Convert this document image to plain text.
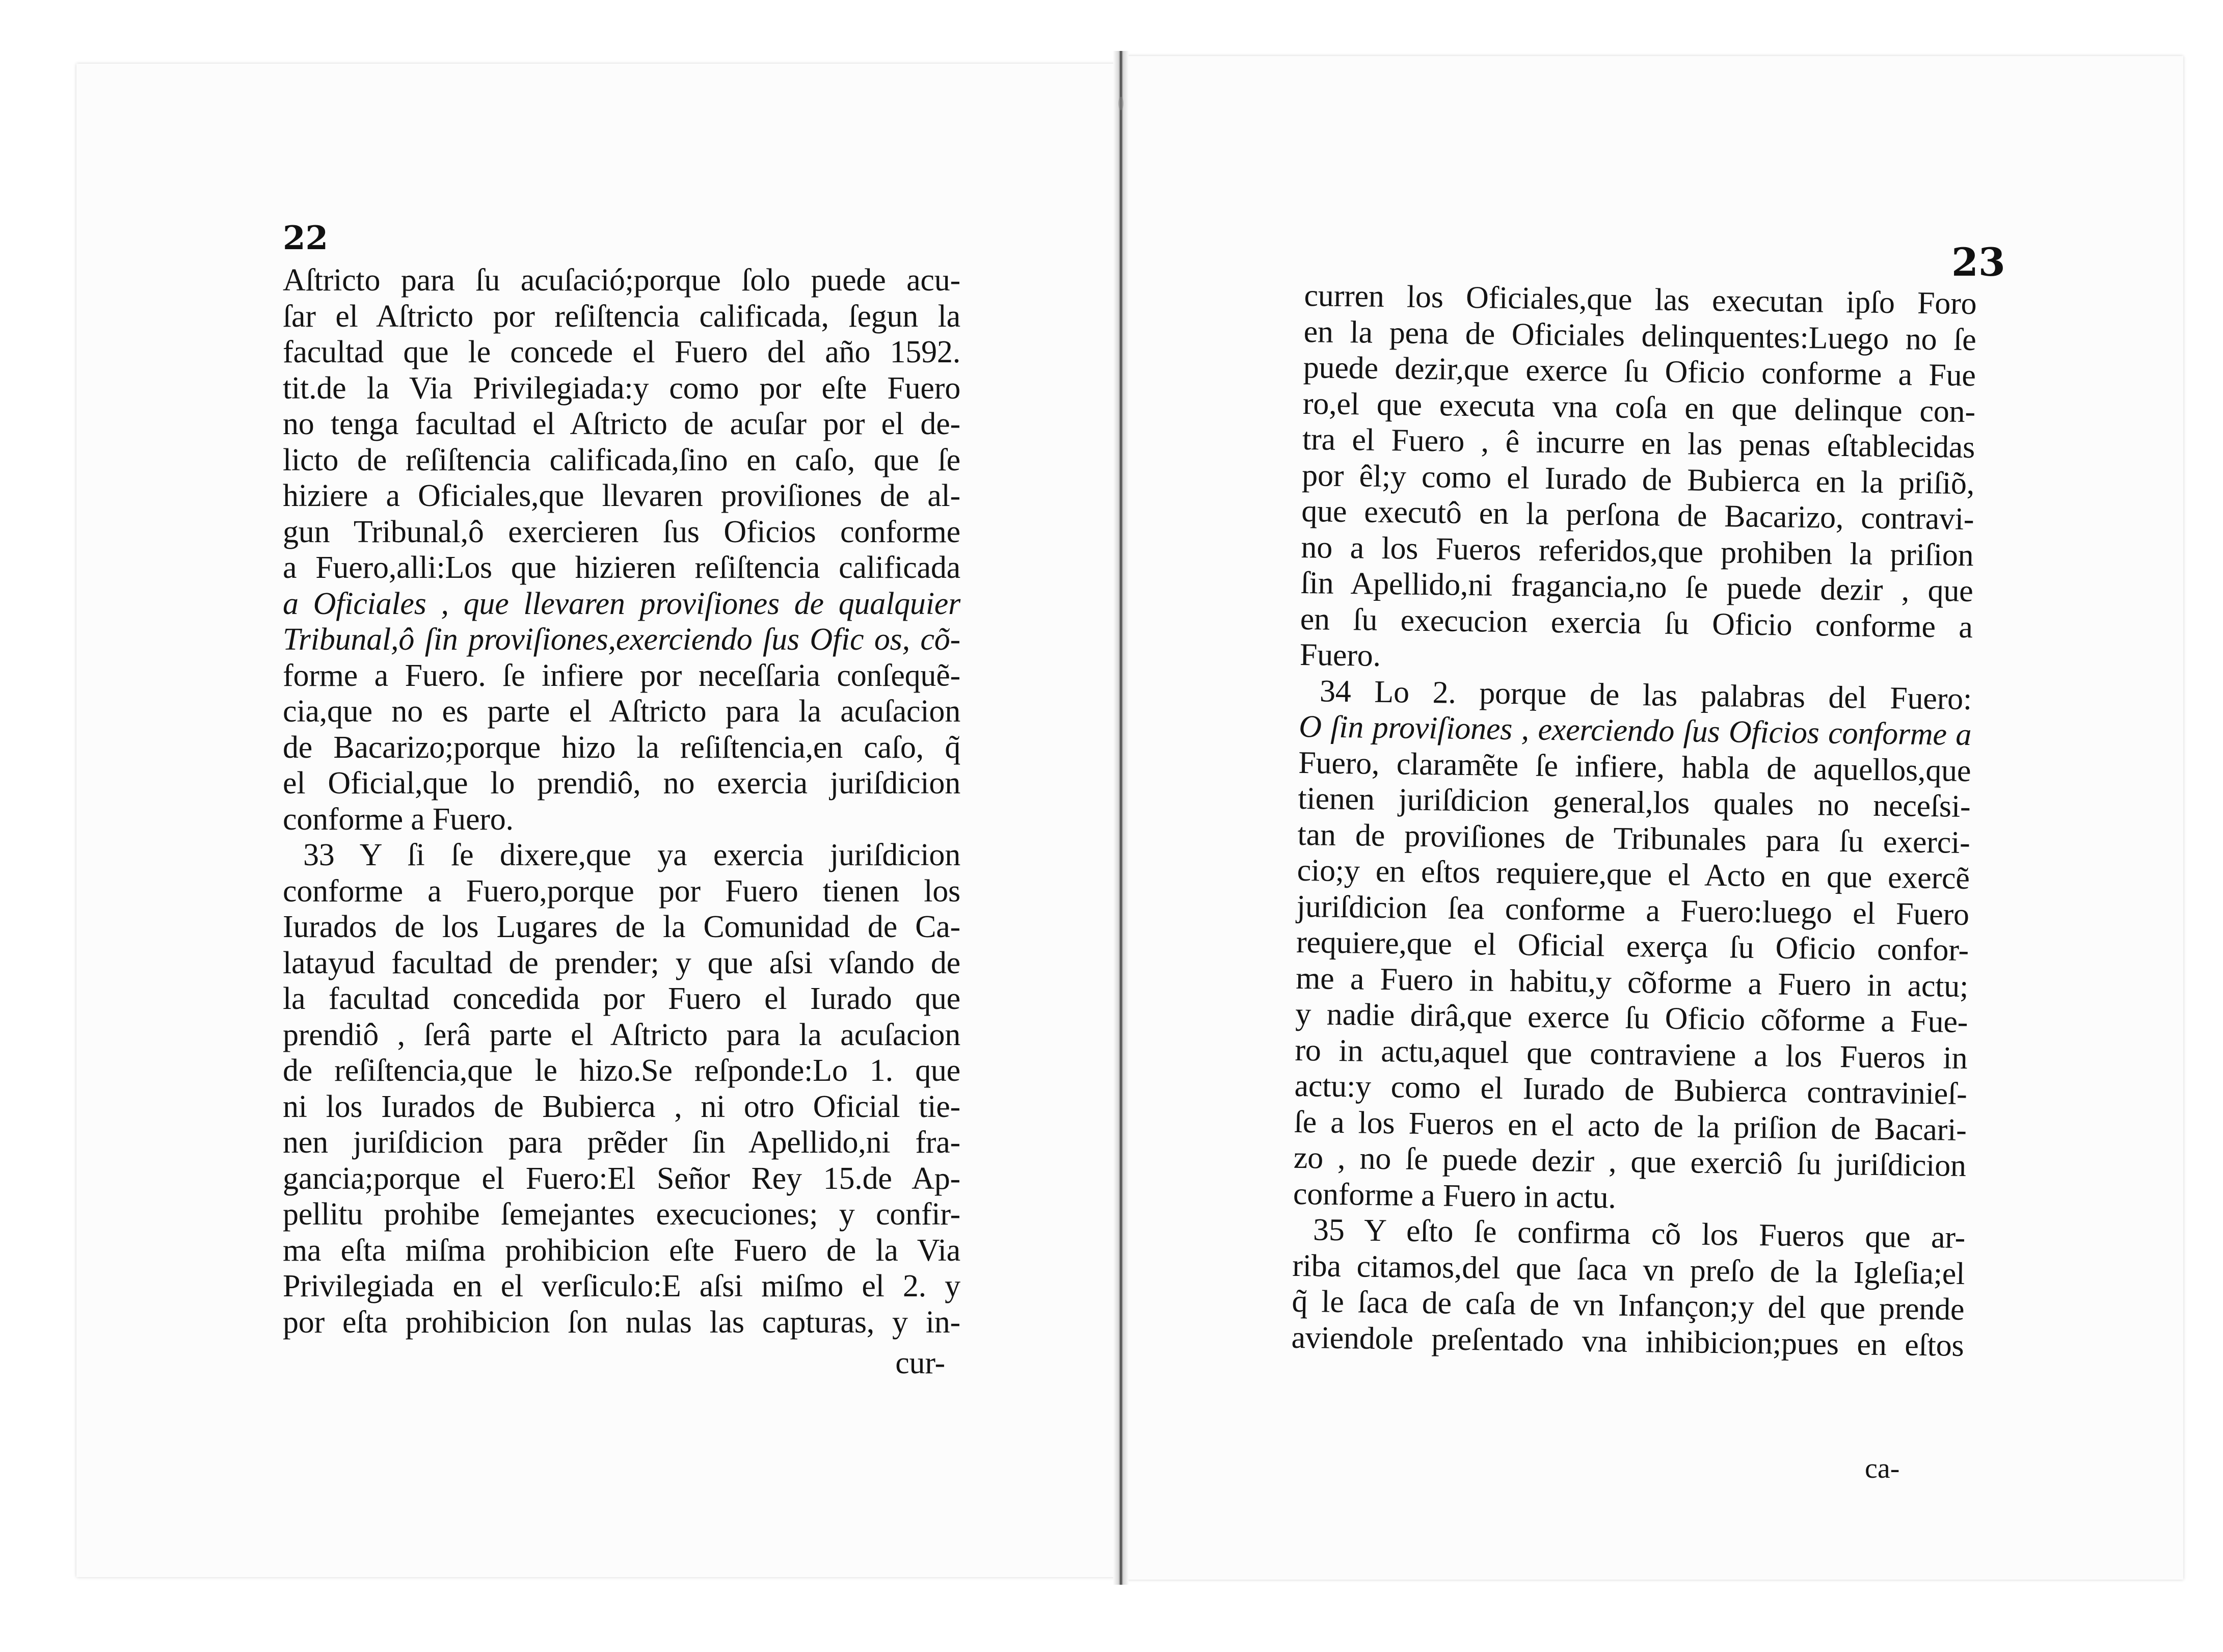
22
23
Aſtricto para ſu acuſació;porque ſolo puede acu-
ſar el Aſtricto por reſiſtencia calificada, ſegun la
facultad que le concede el Fuero del año 1592.
tit.de la Via Privilegiada:y como por eſte Fuero
no tenga facultad el Aſtricto de acuſar por el de-
licto de reſiſtencia calificada,ſino en caſo, que ſe
hiziere a Oficiales,que llevaren proviſiones de al-
gun Tribunal,ô exercieren ſus Oficios conforme
a Fuero,alli:Los que hizieren reſiſtencia calificada
a Oficiales , que llevaren proviſiones de qualquier
Tribunal,ô ſin proviſiones,exerciendo ſus Ofic os, cõ-
forme a Fuero. ſe infiere por neceſſaria conſequẽ-
cia,que no es parte el Aſtricto para la acuſacion
de Bacarizo;porque hizo la reſiſtencia,en caſo, q̃
el Oficial,que lo prendiô, no exercia juriſdicion
conforme a Fuero.
33 Y ſi ſe dixere,que ya exercia juriſdicion
conforme a Fuero,porque por Fuero tienen los
Iurados de los Lugares de la Comunidad de Ca-
latayud facultad de prender; y que aſsi vſando de
la facultad concedida por Fuero el Iurado que
prendiô , ſerâ parte el Aſtricto para la acuſacion
de reſiſtencia,que le hizo.Se reſponde:Lo 1. que
ni los Iurados de Bubierca , ni otro Oficial tie-
nen juriſdicion para prẽder ſin Apellido,ni fra-
gancia;porque el Fuero:El Señor Rey 15.de Ap-
pellitu prohibe ſemejantes execuciones; y confir-
ma eſta miſma prohibicion eſte Fuero de la Via
Privilegiada en el verſiculo:E aſsi miſmo el 2. y
por eſta prohibicion ſon nulas las capturas, y in-
cur-
curren los Oficiales,que las executan ipſo Foro
en la pena de Oficiales delinquentes:Luego no ſe
puede dezir,que exerce ſu Oficio conforme a Fue
ro,el que executa vna coſa en que delinque con-
tra el Fuero , ê incurre en las penas eſtablecidas
por êl;y como el Iurado de Bubierca en la priſiõ,
que executô en la perſona de Bacarizo, contravi-
no a los Fueros referidos,que prohiben la priſion
ſin Apellido,ni fragancia,no ſe puede dezir , que
en ſu execucion exercia ſu Oficio conforme a
Fuero.
34 Lo 2. porque de las palabras del Fuero:
O ſin proviſiones , exerciendo ſus Oficios conforme a
Fuero, claramẽte ſe infiere, habla de aquellos,que
tienen juriſdicion general,los quales no neceſsi-
tan de proviſiones de Tribunales para ſu exerci-
cio;y en eſtos requiere,que el Acto en que exercẽ
juriſdicion ſea conforme a Fuero:luego el Fuero
requiere,que el Oficial exerça ſu Oficio confor-
me a Fuero in habitu,y cõforme a Fuero in actu;
y nadie dirâ,que exerce ſu Oficio cõforme a Fue-
ro in actu,aquel que contraviene a los Fueros in
actu:y como el Iurado de Bubierca contravinieſ-
ſe a los Fueros en el acto de la priſion de Bacari-
zo , no ſe puede dezir , que exerciô ſu juriſdicion
conforme a Fuero in actu.
35 Y eſto ſe confirma cõ los Fueros que ar-
riba citamos,del que ſaca vn preſo de la Igleſia;el
q̃ le ſaca de caſa de vn Infançon;y del que prende
aviendole preſentado vna inhibicion;pues en eſtos
ca-
